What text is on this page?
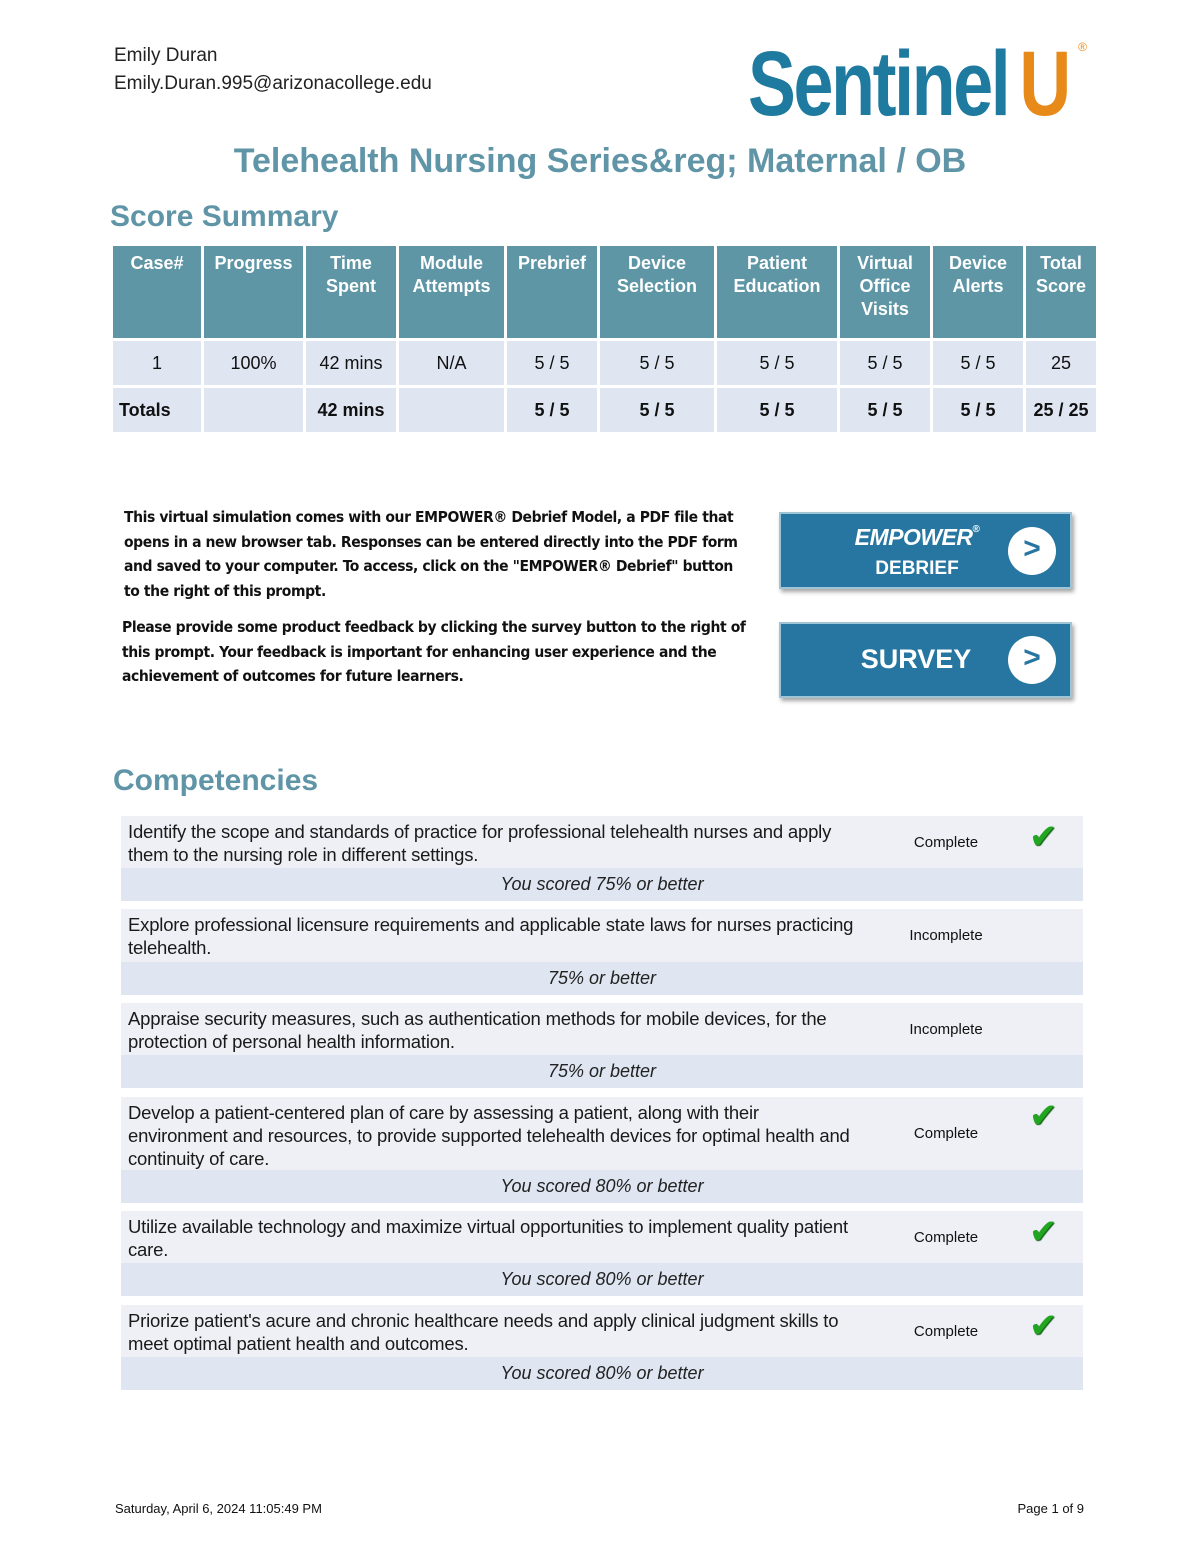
Emily Duran
Emily.Duran.995@arizonacollege.edu	Sentinel U ®
Telehealth Nursing Series&reg; Maternal / OB
Score Summary
Case#	Progress	Time Spent	Module Attempts	Prebrief	Device Selection	Patient Education	Virtual Office Visits	Device Alerts	Total Score
1	100%	42 mins	N/A	5 / 5	5 / 5	5 / 5	5 / 5	5 / 5	25
Totals		42 mins		5 / 5	5 / 5	5 / 5	5 / 5	5 / 5	25 / 25
This virtual simulation comes with our EMPOWER® Debrief Model, a PDF file that opens in a new browser tab. Responses can be entered directly into the PDF form and saved to your computer. To access, click on the "EMPOWER® Debrief" button to the right of this prompt.
Please provide some product feedback by clicking the survey button to the right of this prompt. Your feedback is important for enhancing user experience and the achievement of outcomes for future learners.
EMPOWER®
DEBRIEF
>
SURVEY	>
Competencies
Identify the scope and standards of practice for professional telehealth nurses and apply them to the nursing role in different settings.
Complete	✔
You scored 75% or better
Explore professional licensure requirements and applicable state laws for nurses practicing telehealth.
Incomplete
75% or better
Appraise security measures, such as authentication methods for mobile devices, for the protection of personal health information.
Incomplete
75% or better
Develop a patient-centered plan of care by assessing a patient, along with their environment and resources, to provide supported telehealth devices for optimal health and continuity of care.
Complete	✔
You scored 80% or better
Utilize available technology and maximize virtual opportunities to implement quality patient care.
Complete	✔
You scored 80% or better
Priorize patient's acure and chronic healthcare needs and apply clinical judgment skills to meet optimal patient health and outcomes.
Complete	✔
You scored 80% or better
Saturday, April 6, 2024 11:05:49 PM	Page 1 of 9
